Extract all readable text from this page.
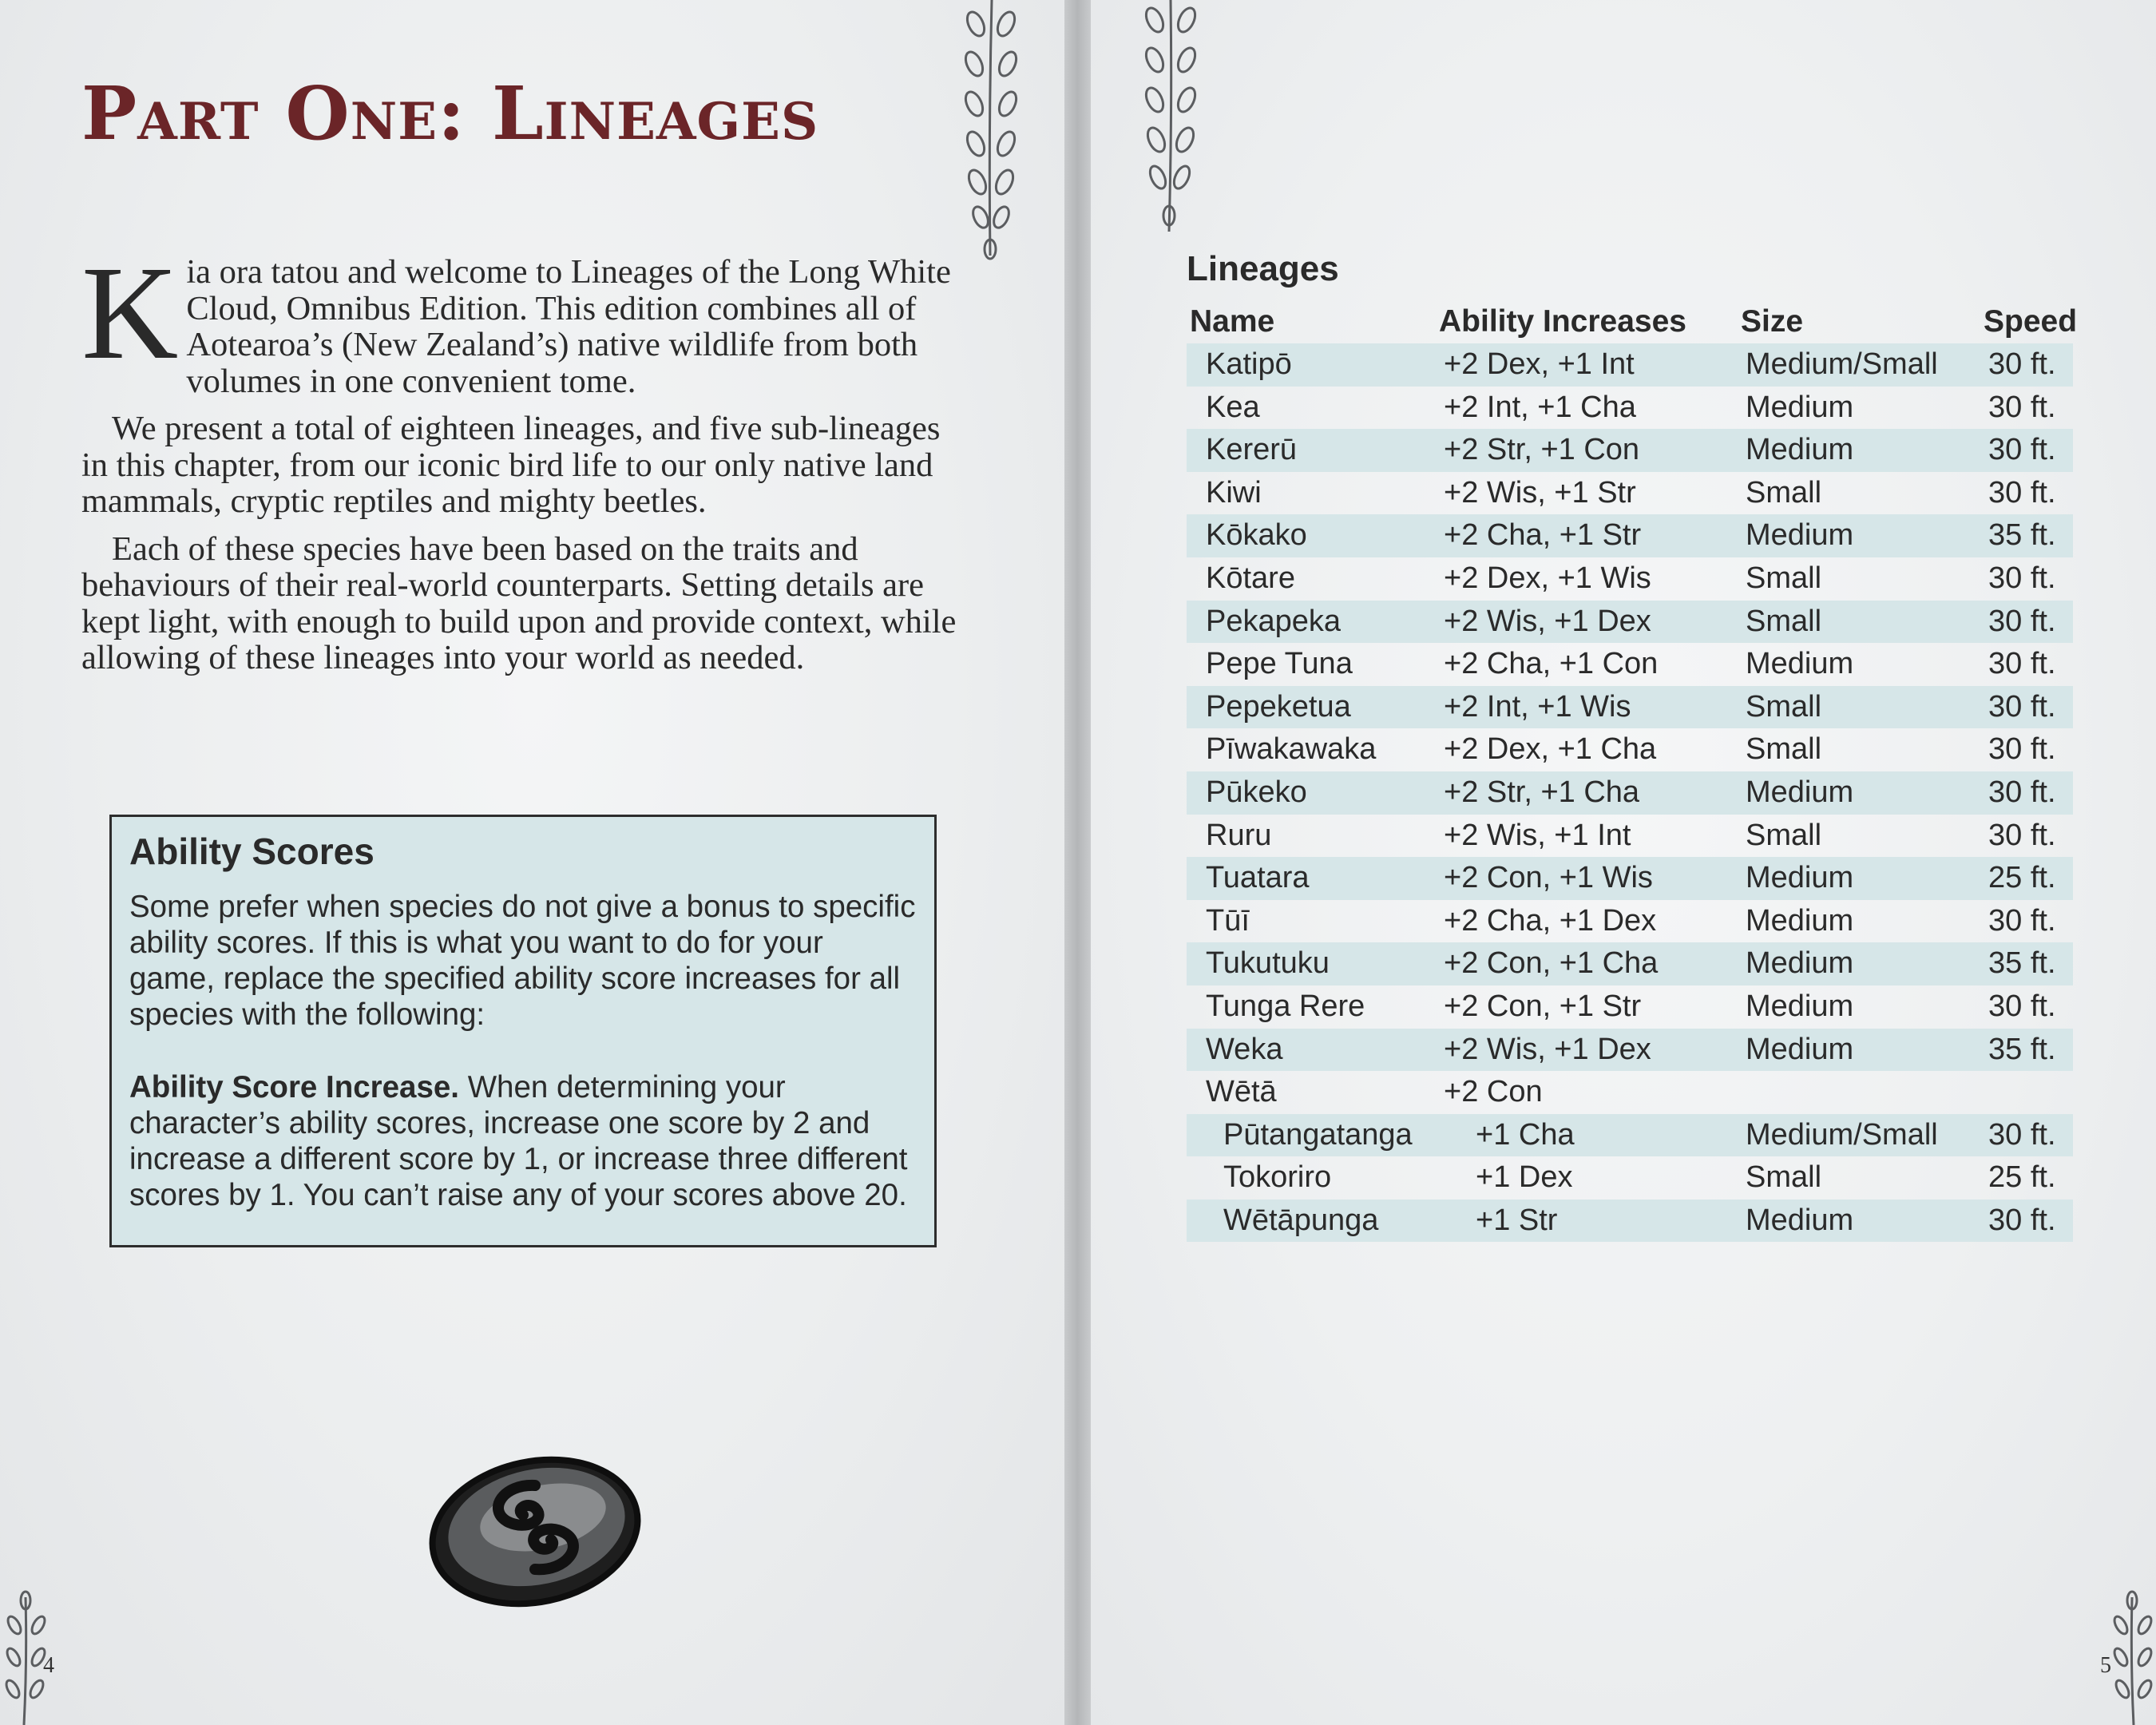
Part One: Lineages

Kia ora tatou and welcome to Lineages of the Long White Cloud, Omnibus Edition. This edition combines all of Aotearoa’s (New Zealand’s) native wildlife from both volumes in one convenient tome.

We present a total of eighteen lineages, and five sub-lineages in this chapter, from our iconic bird life to our only native land mammals, cryptic reptiles and mighty beetles.

Each of these species have been based on the traits and behaviours of their real-world counterparts. Setting details are kept light, with enough to build upon and provide context, while allowing of these lineages into your world as needed.

Ability Scores

Some prefer when species do not give a bonus to specific ability scores. If this is what you want to do for your game, replace the specified ability score increases for all species with the following:

Ability Score Increase. When determining your character’s ability scores, increase one score by 2 and increase a different score by 1, or increase three different scores by 1. You can’t raise any of your scores above 20.

4
Lineages
Name	Ability Increases Size	Speed
Katipō	+2 Dex, +1 Int	Medium/Small 30 ft.
Kea	+2 Int, +1 Cha	Medium	30 ft.
Kererū	+2 Str, +1 Con	Medium	30 ft.
Kiwi	+2 Wis, +1 Str	Small	30 ft.
Kōkako	+2 Cha, +1 Str	Medium	35 ft.
Kōtare	+2 Dex, +1 Wis	Small	30 ft.
Pekapeka	+2 Wis, +1 Dex	Small	30 ft.
Pepe Tuna	+2 Cha, +1 Con	Medium	30 ft.
Pepeketua	+2 Int, +1 Wis	Small	30 ft.
Pīwakawaka +2 Dex, +1 Cha	Small	30 ft.
Pūkeko	+2 Str, +1 Cha	Medium	30 ft.
Ruru	+2 Wis, +1 Int	Small	30 ft.
Tuatara	+2 Con, +1 Wis	Medium	25 ft.
Tūī	+2 Cha, +1 Dex	Medium	30 ft.
Tukutuku	+2 Con, +1 Cha	Medium	35 ft.
Tunga Rere	+2 Con, +1 Str	Medium	30 ft.
Weka	+2 Wis, +1 Dex	Medium	35 ft.
Wētā	+2 Con
Pūtangatanga +1 Cha	Medium/Small 30 ft.
Tokoriro	+1 Dex	Small	25 ft.
Wētāpunga	+1 Str	Medium	30 ft.
5
